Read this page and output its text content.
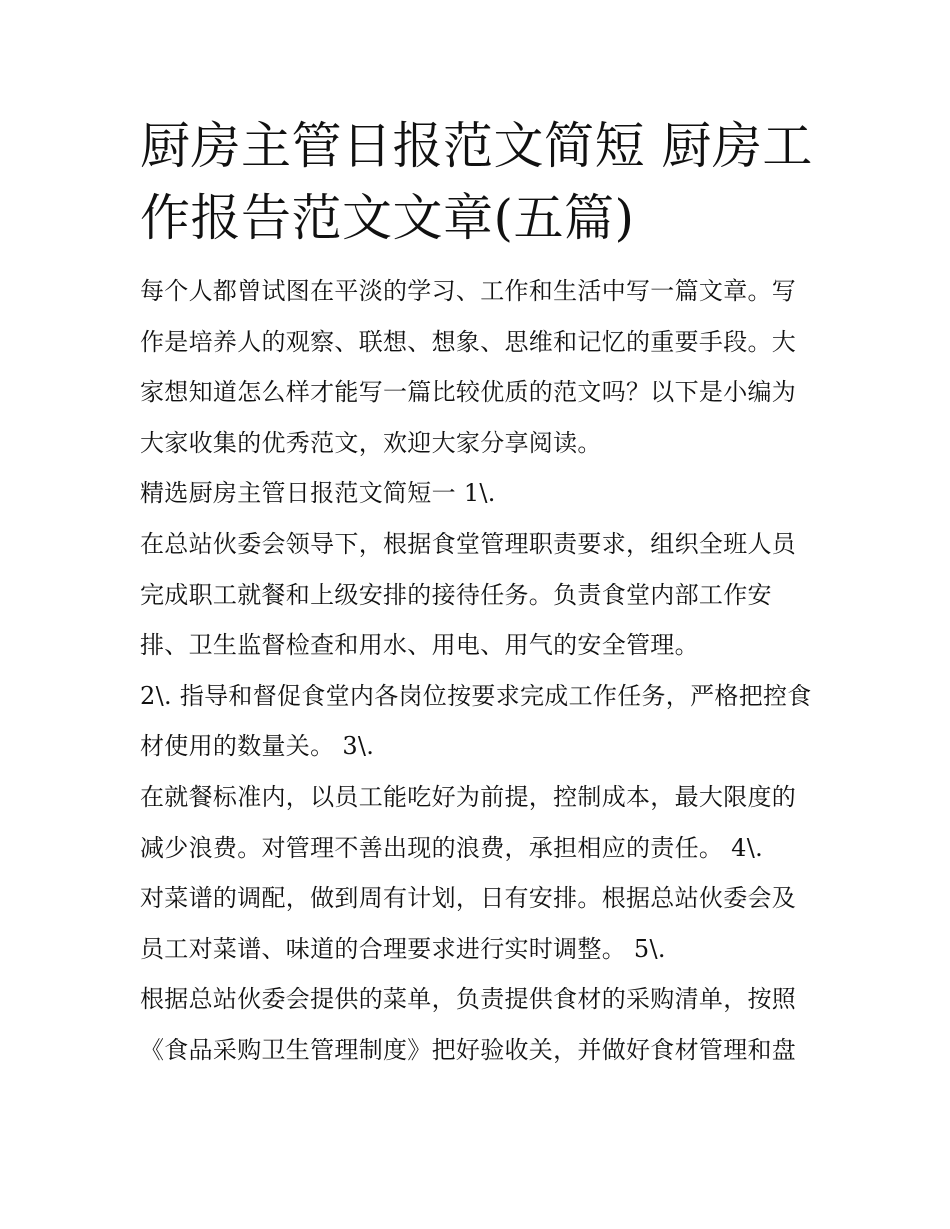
厨房主管日报范文简短 厨房工作报告范文文章(五篇)

每个人都曾试图在平淡的学习、工作和生活中写一篇文章。写作是培养人的观察、联想、想象、思维和记忆的重要手段。大家想知道怎么样才能写一篇比较优质的范文吗？以下是小编为大家收集的优秀范文，欢迎大家分享阅读。

精选厨房主管日报范文简短一 1\.

在总站伙委会领导下，根据食堂管理职责要求，组织全班人员完成职工就餐和上级安排的接待任务。负责食堂内部工作安排、卫生监督检查和用水、用电、用气的安全管理。

2\. 指导和督促食堂内各岗位按要求完成工作任务，严格把控食材使用的数量关。 3\.

在就餐标准内，以员工能吃好为前提，控制成本，最大限度的减少浪费。对管理不善出现的浪费，承担相应的责任。 4\.

对菜谱的调配，做到周有计划，日有安排。根据总站伙委会及员工对菜谱、味道的合理要求进行实时调整。 5\.

根据总站伙委会提供的菜单，负责提供食材的采购清单，按照《食品采购卫生管理制度》把好验收关，并做好食材管理和盘
